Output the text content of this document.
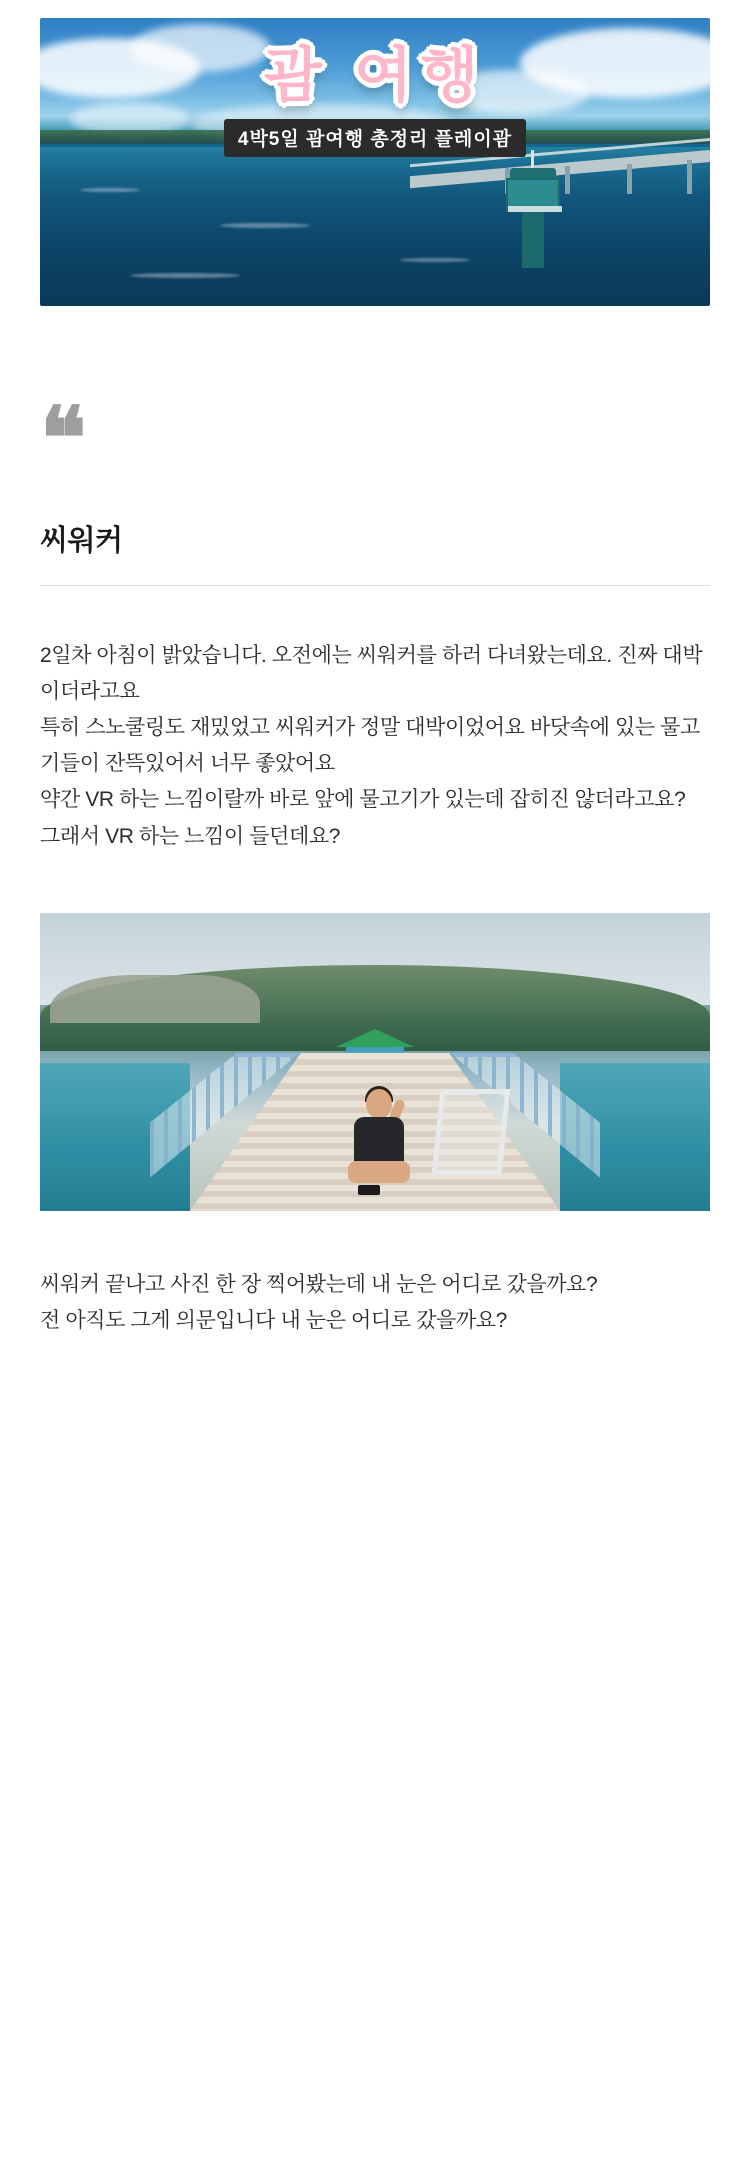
괌 여행
4박5일 괌여행 총정리 플레이괌
❝
씨워커

2일차 아침이 밝았습니다. 오전에는 씨워커를 하러 다녀왔는데요. 진짜 대박이더라고요

특히 스노쿨링도 재밌었고 씨워커가 정말 대박이었어요 바닷속에 있는 물고기들이 잔뜩있어서 너무 좋았어요

약간 VR 하는 느낌이랄까 바로 앞에 물고기가 있는데 잡히진 않더라고요? 그래서 VR 하는 느낌이 들던데요?

씨워커 끝나고 사진 한 장 찍어봤는데 내 눈은 어디로 갔을까요?

전 아직도 그게 의문입니다 내 눈은 어디로 갔을까요?
